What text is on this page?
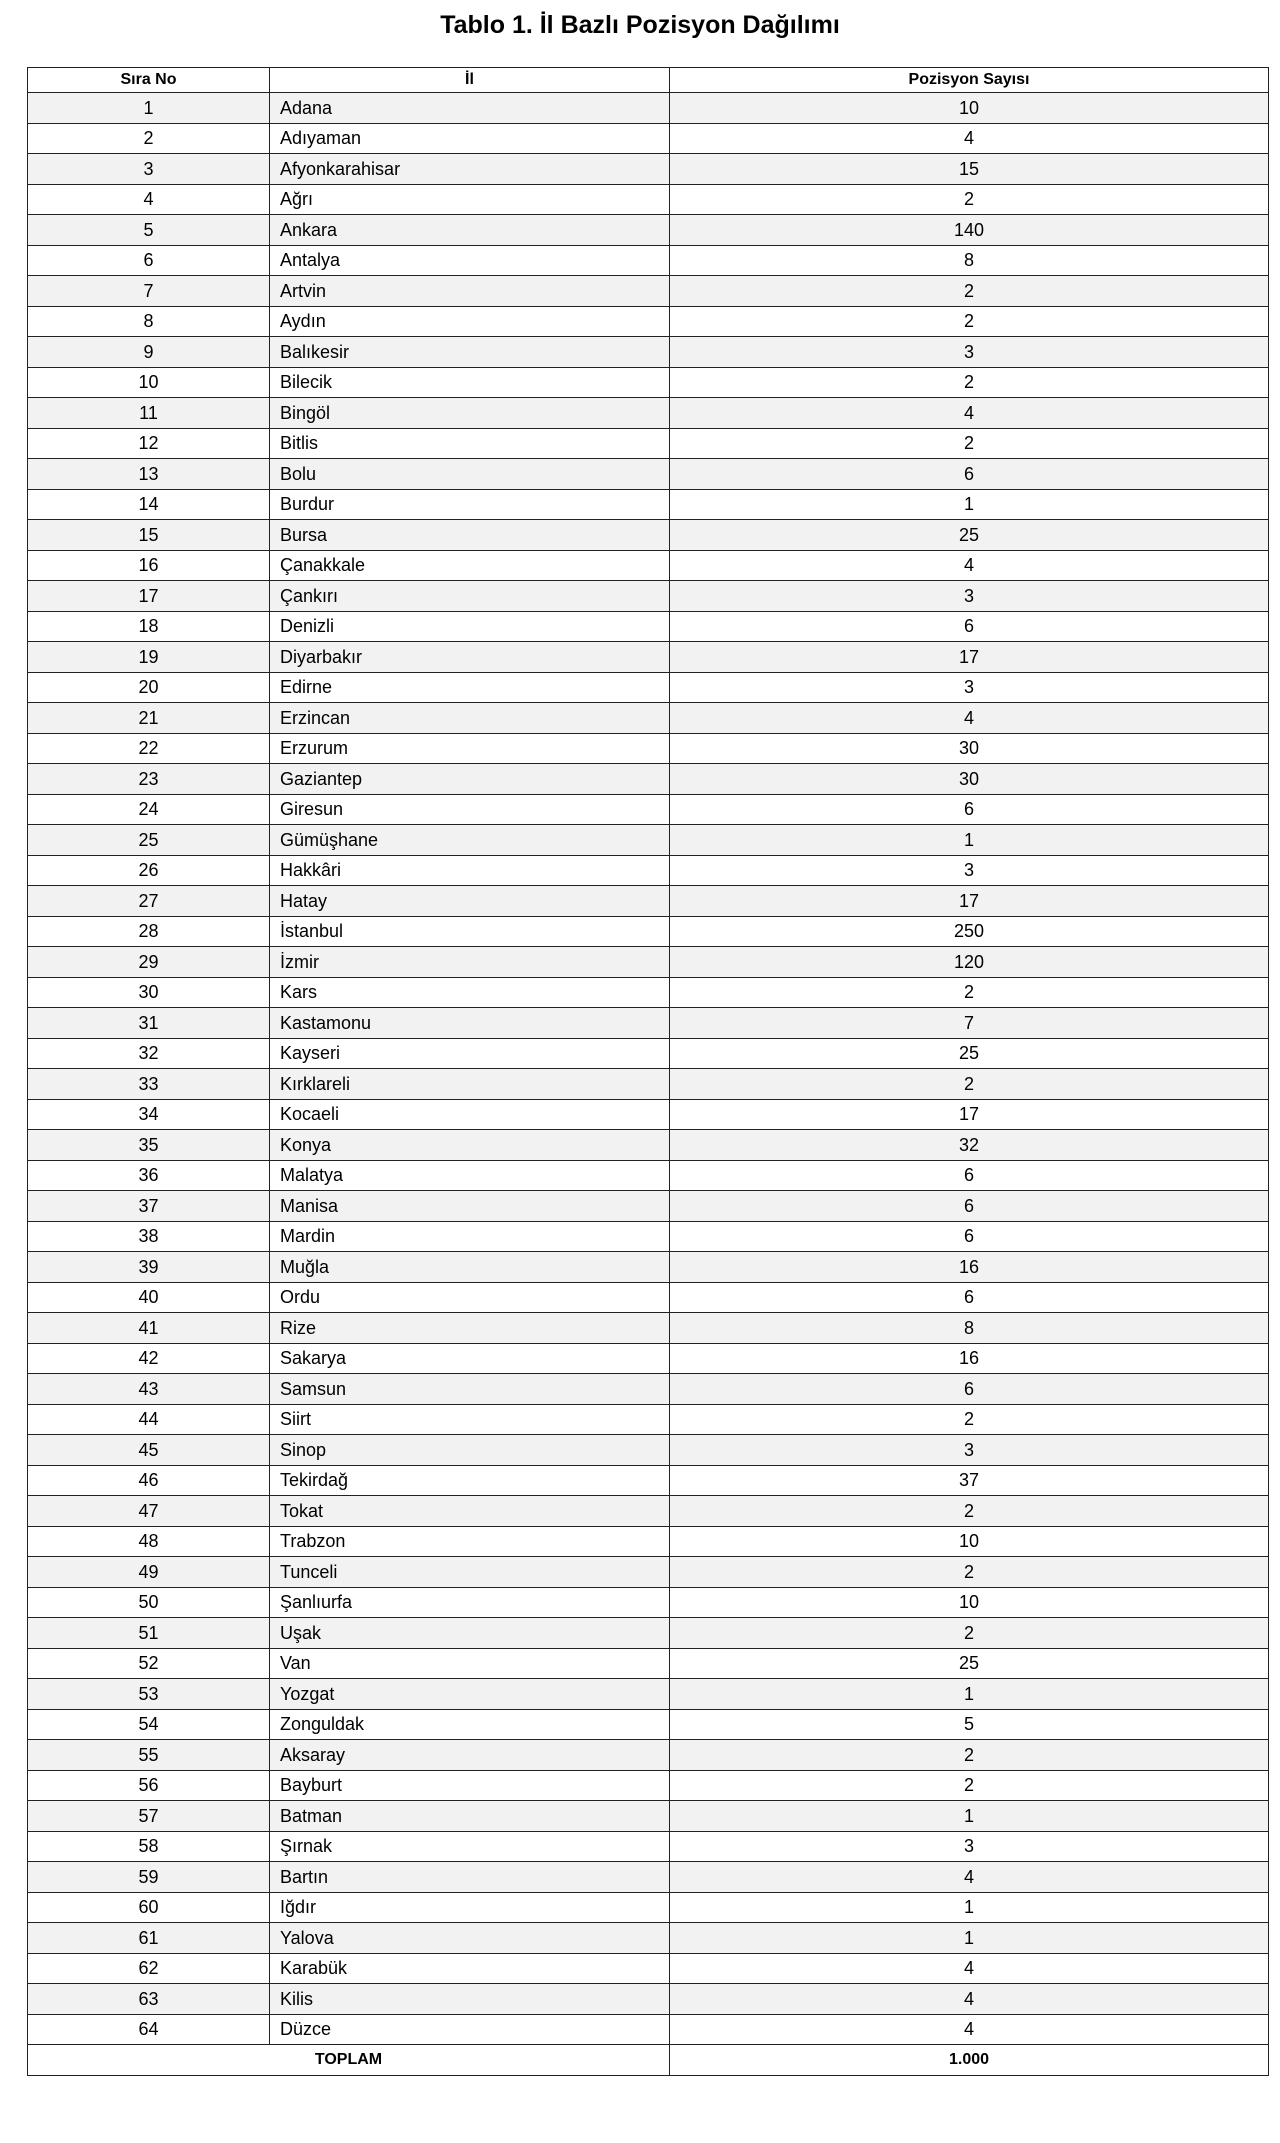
Tablo 1. İl Bazlı Pozisyon Dağılımı
Sıra No	İl	Pozisyon Sayısı
1	Adana	10
2	Adıyaman	4
3	Afyonkarahisar	15
4	Ağrı	2
5	Ankara	140
6	Antalya	8
7	Artvin	2
8	Aydın	2
9	Balıkesir	3
10	Bilecik	2
11	Bingöl	4
12	Bitlis	2
13	Bolu	6
14	Burdur	1
15	Bursa	25
16	Çanakkale	4
17	Çankırı	3
18	Denizli	6
19	Diyarbakır	17
20	Edirne	3
21	Erzincan	4
22	Erzurum	30
23	Gaziantep	30
24	Giresun	6
25	Gümüşhane	1
26	Hakkâri	3
27	Hatay	17
28	İstanbul	250
29	İzmir	120
30	Kars	2
31	Kastamonu	7
32	Kayseri	25
33	Kırklareli	2
34	Kocaeli	17
35	Konya	32
36	Malatya	6
37	Manisa	6
38	Mardin	6
39	Muğla	16
40	Ordu	6
41	Rize	8
42	Sakarya	16
43	Samsun	6
44	Siirt	2
45	Sinop	3
46	Tekirdağ	37
47	Tokat	2
48	Trabzon	10
49	Tunceli	2
50	Şanlıurfa	10
51	Uşak	2
52	Van	25
53	Yozgat	1
54	Zonguldak	5
55	Aksaray	2
56	Bayburt	2
57	Batman	1
58	Şırnak	3
59	Bartın	4
60	Iğdır	1
61	Yalova	1
62	Karabük	4
63	Kilis	4
64	Düzce	4
TOPLAM		1.000
